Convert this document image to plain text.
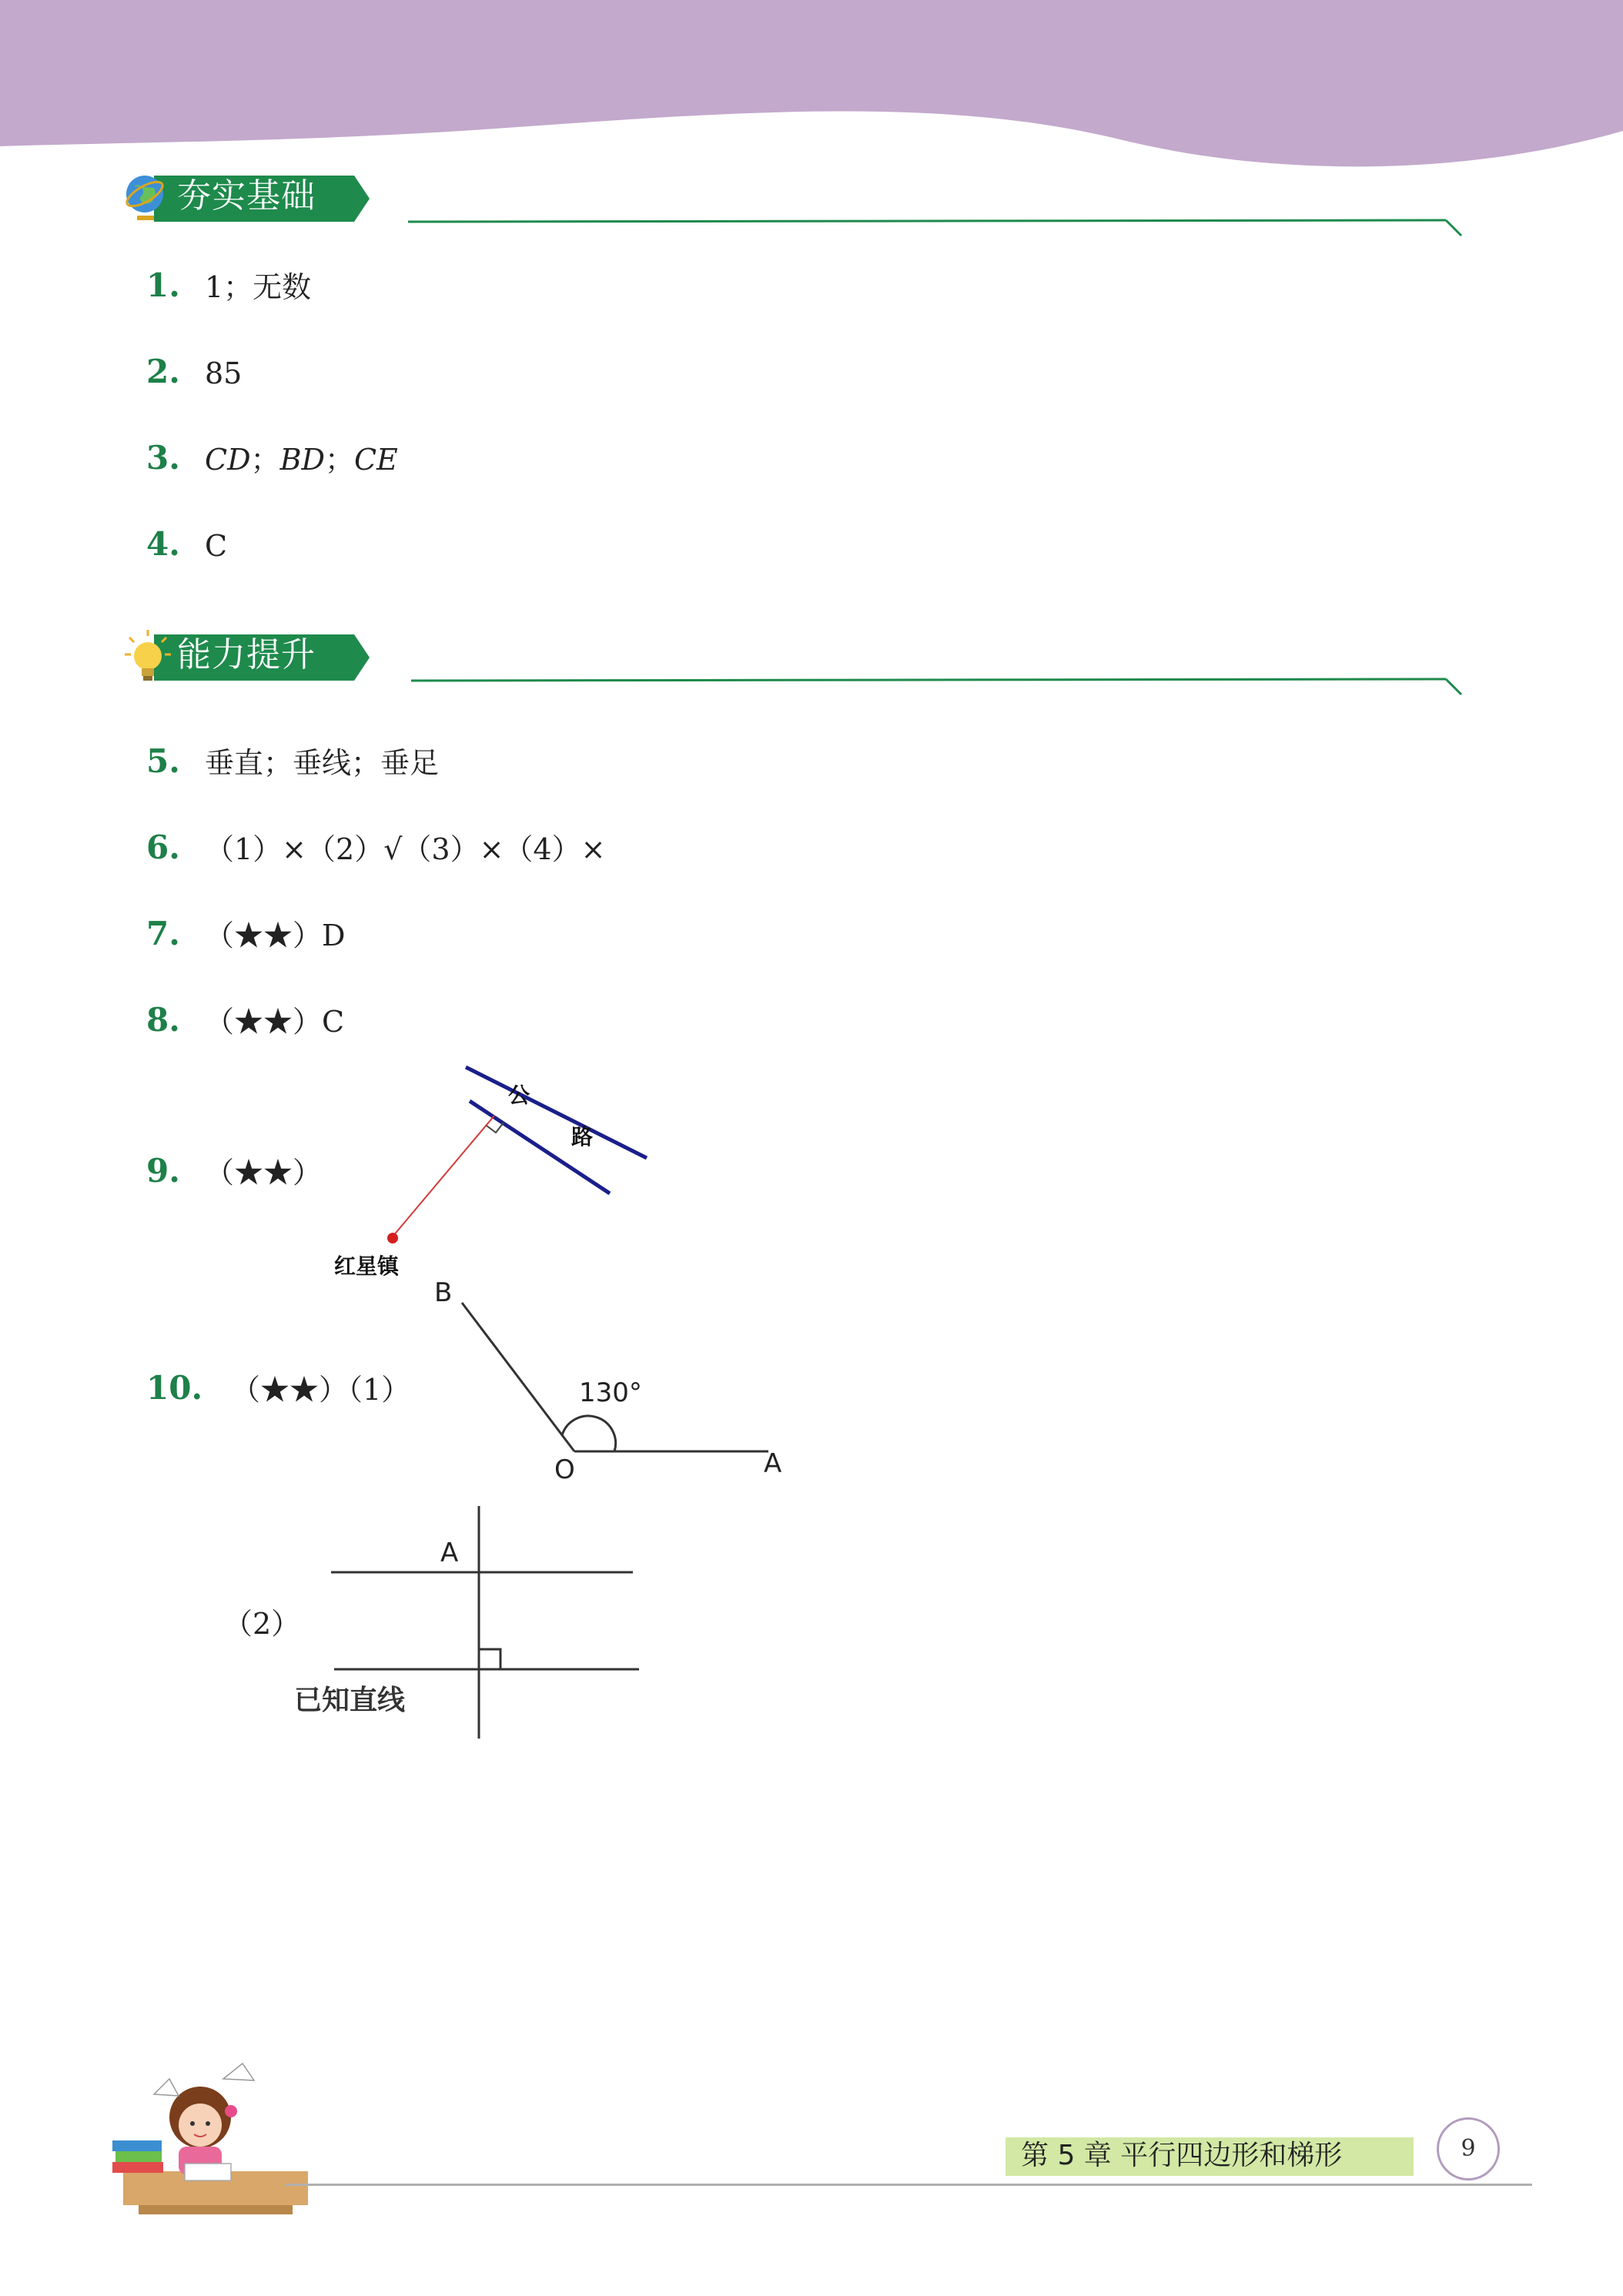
夯实基础
1. 1；无数
2. 85
3. CD；BD；CE
4. C
能力提升
5. 垂直；垂线；垂足
6. （1）×（2）√（3）×（4）×
7. （★★）D
8. （★★）C
9. （★★）
公
路
红星镇
10. （★★）（1）
B
130°
O	A
（2）
A
已知直线
第 5 章 平行四边形和梯形	9
